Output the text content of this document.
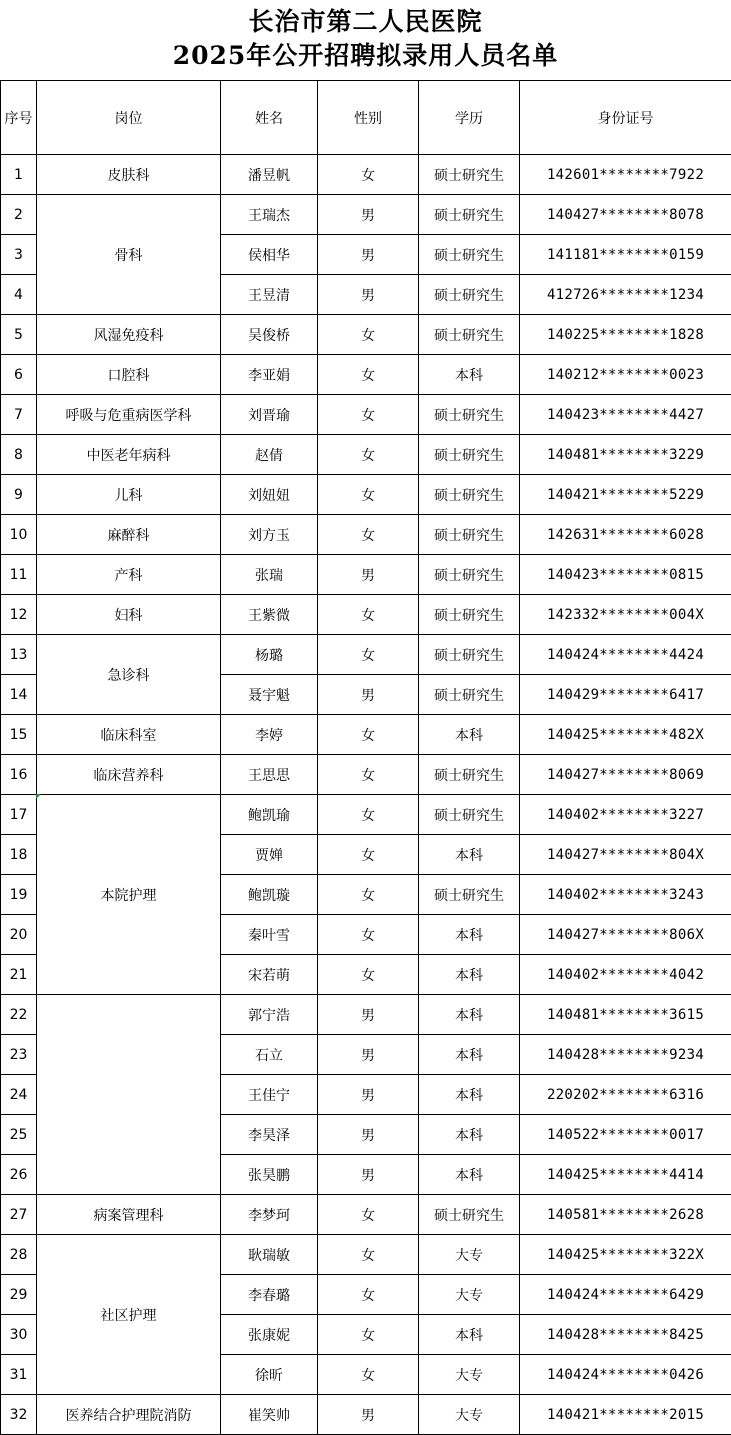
长治市第二人民医院
2025年公开招聘拟录用人员名单
序号	岗位	姓名	性别	学历	身份证号
1	皮肤科	潘昱帆	女	硕士研究生	142601********7922
2	骨科	王瑞杰	男	硕士研究生	140427********8078
3		侯相华	男	硕士研究生	141181********0159
4		王昱清	男	硕士研究生	412726********1234
5	风湿免疫科	吴俊桥	女	硕士研究生	140225********1828
6	口腔科	李亚娟	女	本科	140212********0023
7	呼吸与危重病医学科	刘晋瑜	女	硕士研究生	140423********4427
8	中医老年病科	赵倩	女	硕士研究生	140481********3229
9	儿科	刘妞妞	女	硕士研究生	140421********5229
10	麻醉科	刘方玉	女	硕士研究生	142631********6028
11	产科	张瑞	男	硕士研究生	140423********0815
12	妇科	王紫微	女	硕士研究生	142332********004X
13	急诊科	杨璐	女	硕士研究生	140424********4424
14		聂宇魁	男	硕士研究生	140429********6417
15	临床科室	李婷	女	本科	140425********482X
16	临床营养科	王思思	女	硕士研究生	140427********8069
17	本院护理	鲍凯瑜	女	硕士研究生	140402********3227
18		贾婵	女	本科	140427********804X
19		鲍凯璇	女	硕士研究生	140402********3243
20		秦叶雪	女	本科	140427********806X
21		宋若萌	女	本科	140402********4042
22		郭宁浩	男	本科	140481********3615
23		石立	男	本科	140428********9234
24		王佳宁	男	本科	220202********6316
25		李昊泽	男	本科	140522********0017
26		张昊鹏	男	本科	140425********4414
27	病案管理科	李梦珂	女	硕士研究生	140581********2628
28	社区护理	耿瑞敏	女	大专	140425********322X
29		李春璐	女	大专	140424********6429
30		张康妮	女	本科	140428********8425
31		徐昕	女	大专	140424********0426
32	医养结合护理院消防	崔笑帅	男	大专	140421********2015
